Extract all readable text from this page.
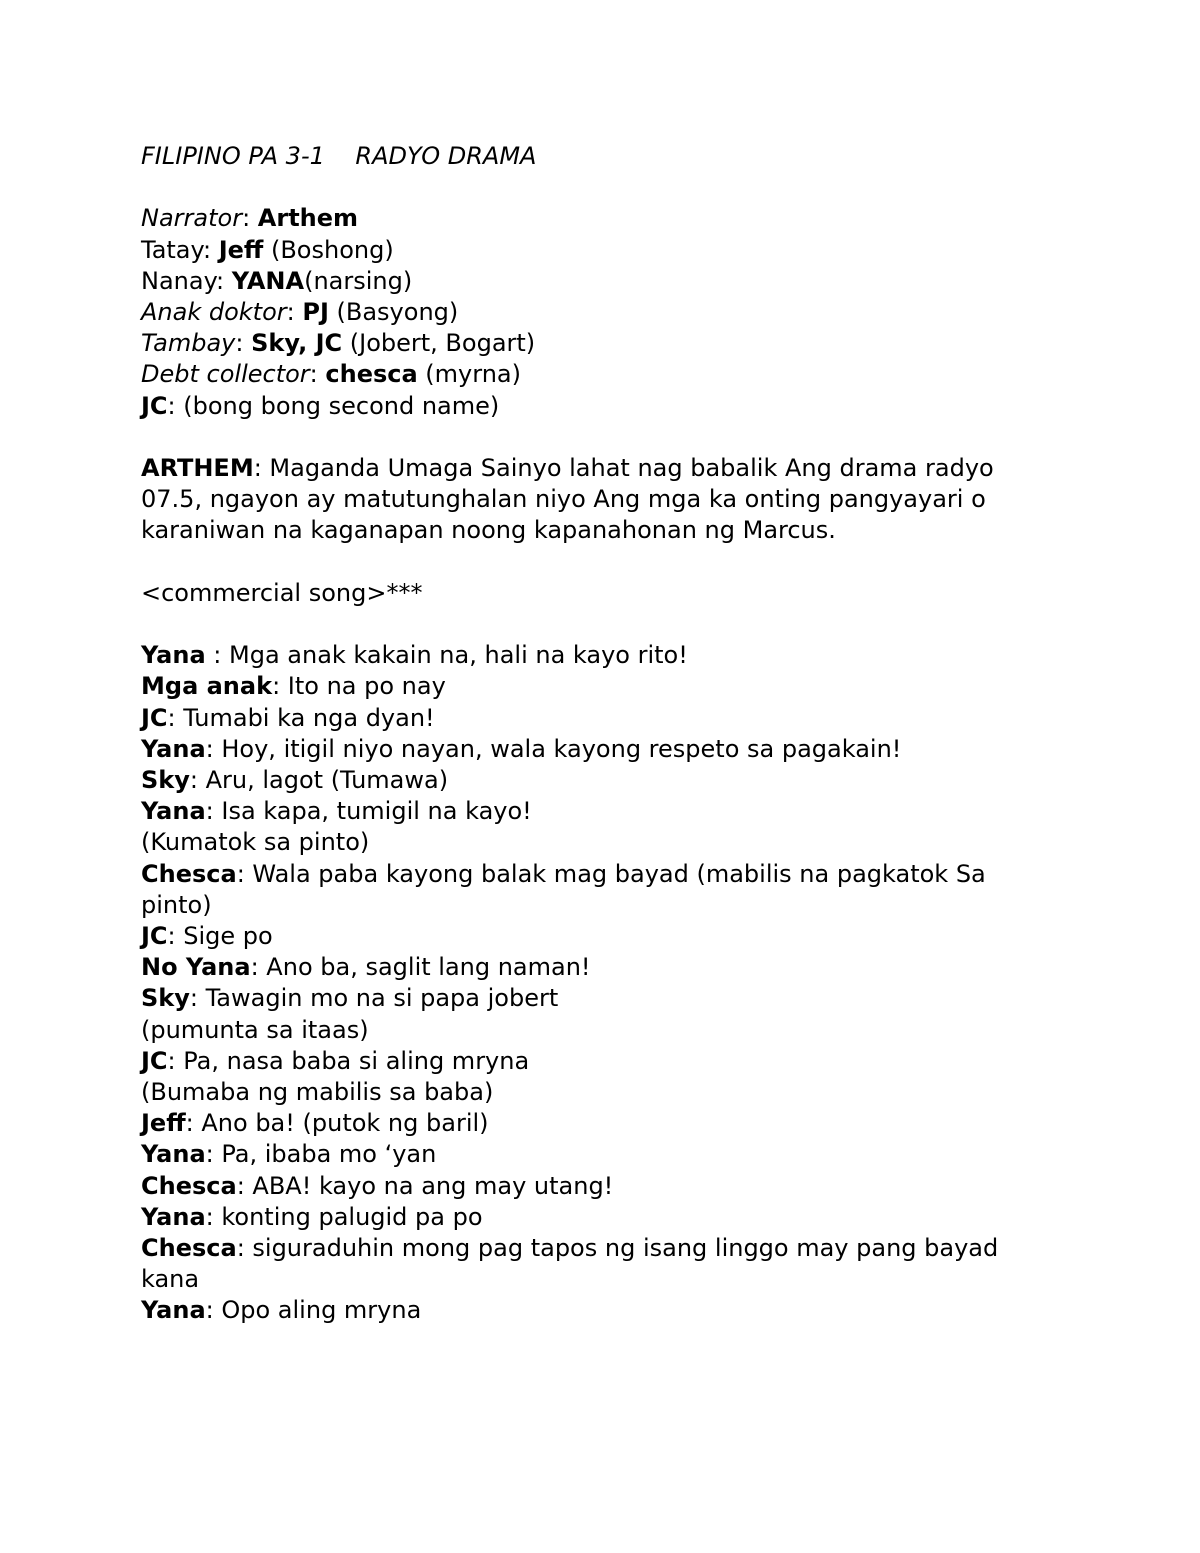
FILIPINO PA 3-1 RADYO DRAMA
Narrator: Arthem
Tatay: Jeff (Boshong)
Nanay: YANA(narsing)
Anak doktor: PJ (Basyong)
Tambay: Sky, JC (Jobert, Bogart)
Debt collector: chesca (myrna)
JC: (bong bong second name)
ARTHEM: Maganda Umaga Sainyo lahat nag babalik Ang drama radyo 07.5, ngayon ay matutunghalan niyo Ang mga ka onting pangyayari o karaniwan na kaganapan noong kapanahonan ng Marcus.
<commercial song>***
Yana : Mga anak kakain na, hali na kayo rito!
Mga anak: Ito na po nay
JC: Tumabi ka nga dyan!
Yana: Hoy, itigil niyo nayan, wala kayong respeto sa pagakain!
Sky: Aru, lagot (Tumawa)
Yana: Isa kapa, tumigil na kayo!
(Kumatok sa pinto)
Chesca: Wala paba kayong balak mag bayad (mabilis na pagkatok Sa pinto)
JC: Sige po
No Yana: Ano ba, saglit lang naman!
Sky: Tawagin mo na si papa jobert
(pumunta sa itaas)
JC: Pa, nasa baba si aling mryna
(Bumaba ng mabilis sa baba)
Jeff: Ano ba! (putok ng baril)
Yana: Pa, ibaba mo ‘yan
Chesca: ABA! kayo na ang may utang!
Yana: konting palugid pa po
Chesca: siguraduhin mong pag tapos ng isang linggo may pang bayad kana
Yana: Opo aling mryna
